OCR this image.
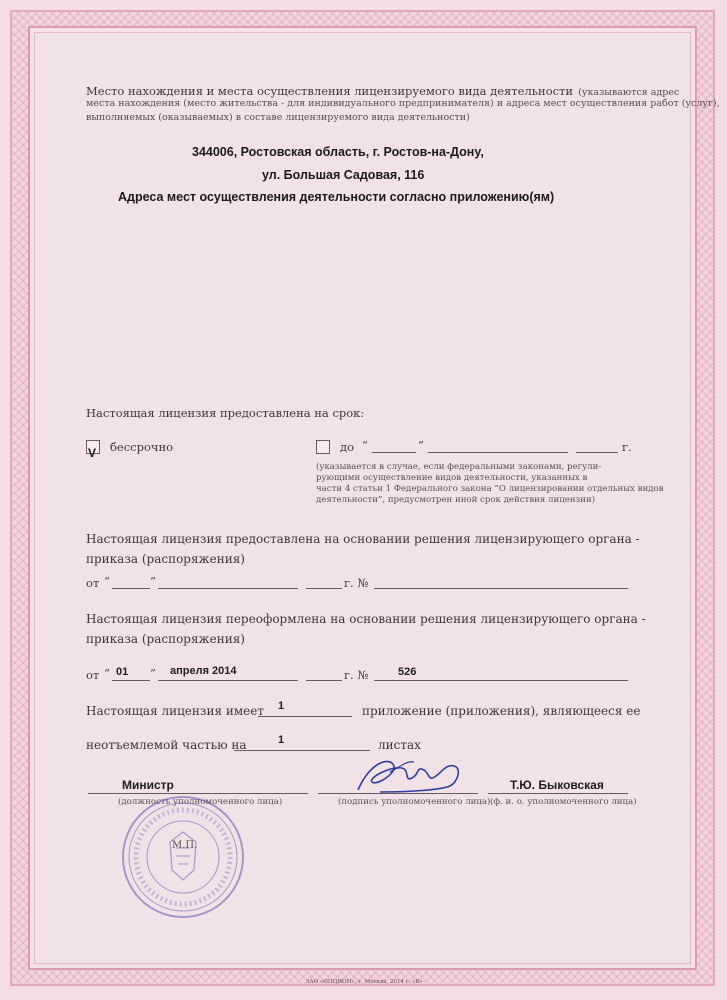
Место нахождения и места осуществления лицензируемого вида деятельности (указываются адрес
места нахождения (место жительства - для индивидуального предпринимателя) и адреса мест осуществления работ (услуг),
выполняемых (оказываемых) в составе лицензируемого вида деятельности)
344006, Ростовская область, г. Ростов-на-Дону,
ул. Большая Садовая, 116
Адреса мест осуществления деятельности согласно приложению(ям)
Настоящая лицензия предоставлена на срок:
V бессрочно	до “	”	г.
(указывается в случае, если федеральными законами, регули-
рующими осуществление видов деятельности, указанных в
части 4 статьи 1 Федерального закона “О лицензировании отдельных видов
деятельности”, предусмотрен иной срок действия лицензии)
Настоящая лицензия предоставлена на основании решения лицензирующего органа -
приказа (распоряжения)
от “	”	г. №
Настоящая лицензия переоформлена на основании решения лицензирующего органа -
приказа (распоряжения)
от “ 01 ” апреля 2014	г. №	526
Настоящая лицензия имеет 1	приложение (приложения), являющееся ее
неотъемлемой частью на	1	листах
Министр
(должность уполномоченного лица)	(подпись уполномоченного лица)
Т.Ю. Быковская
(ф. и. о. уполномоченного лица)
М.П.
ЗАО «ОПЦИОН», г. Москва, 2014 г. «Б»
